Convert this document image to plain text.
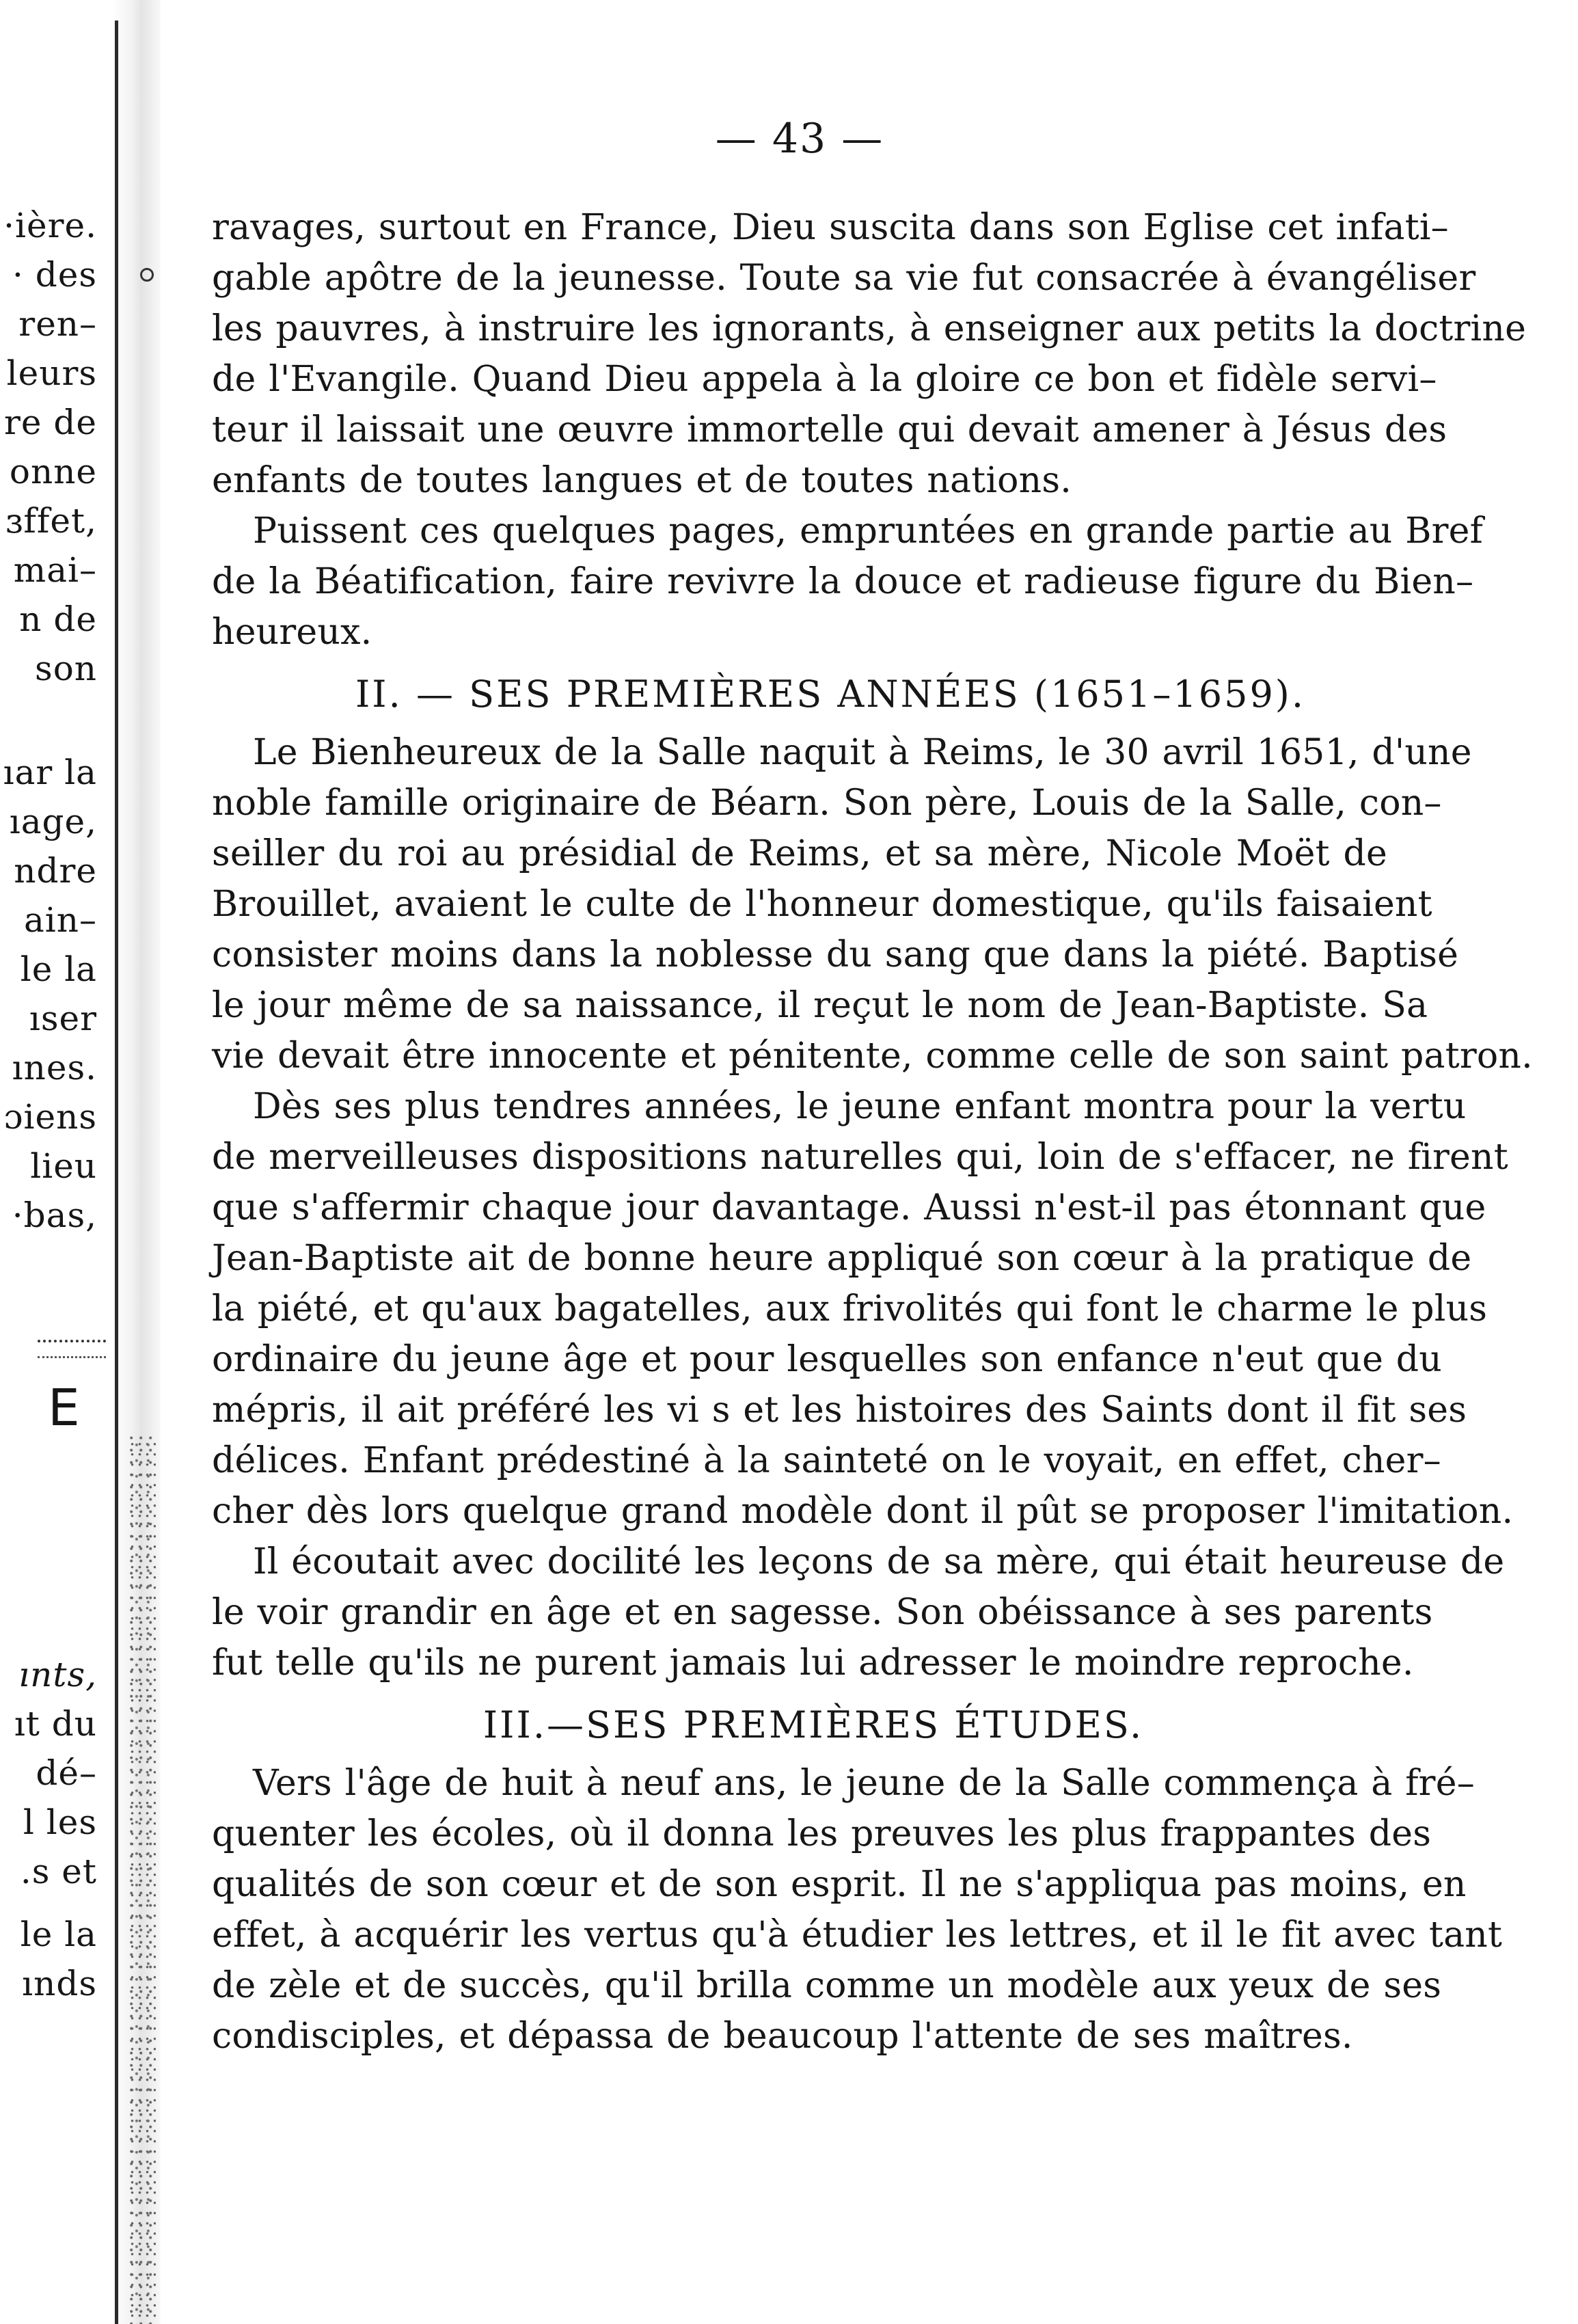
·ière.
· des
ren–
leurs
re de
onne
ɜffet,
mai–
n de
son
ıar la
ıage,
ndre
ain–
le la
ıser
ınes.
ɔiens
lieu
·bas,
E
ınts,
ıt du
dé–
l les
.s et
le la
ınds
— 43 —
ravages, surtout en France, Dieu suscita dans son Eglise cet infati–
gable apôtre de la jeunesse. Toute sa vie fut consacrée à évangéliser
les pauvres, à instruire les ignorants, à enseigner aux petits la doctrine
de l'Evangile. Quand Dieu appela à la gloire ce bon et fidèle servi–
teur il laissait une œuvre immortelle qui devait amener à Jésus des
enfants de toutes langues et de toutes nations.
Puissent ces quelques pages, empruntées en grande partie au Bref
de la Béatification, faire revivre la douce et radieuse figure du Bien–
heureux.
II. — SES PREMIÈRES ANNÉES (1651–1659).
Le Bienheureux de la Salle naquit à Reims, le 30 avril 1651, d'une
noble famille originaire de Béarn. Son père, Louis de la Salle, con–
seiller du roi au présidial de Reims, et sa mère, Nicole Moët de
Brouillet, avaient le culte de l'honneur domestique, qu'ils faisaient
consister moins dans la noblesse du sang que dans la piété. Baptisé
le jour même de sa naissance, il reçut le nom de Jean-Baptiste. Sa
vie devait être innocente et pénitente, comme celle de son saint patron.
Dès ses plus tendres années, le jeune enfant montra pour la vertu
de merveilleuses dispositions naturelles qui, loin de s'effacer, ne firent
que s'affermir chaque jour davantage. Aussi n'est-il pas étonnant que
Jean-Baptiste ait de bonne heure appliqué son cœur à la pratique de
la piété, et qu'aux bagatelles, aux frivolités qui font le charme le plus
ordinaire du jeune âge et pour lesquelles son enfance n'eut que du
mépris, il ait préféré les vi s et les histoires des Saints dont il fit ses
délices. Enfant prédestiné à la sainteté on le voyait, en effet, cher–
cher dès lors quelque grand modèle dont il pût se proposer l'imitation.
Il écoutait avec docilité les leçons de sa mère, qui était heureuse de
le voir grandir en âge et en sagesse. Son obéissance à ses parents
fut telle qu'ils ne purent jamais lui adresser le moindre reproche.
III.—SES PREMIÈRES ÉTUDES.
Vers l'âge de huit à neuf ans, le jeune de la Salle commença à fré–
quenter les écoles, où il donna les preuves les plus frappantes des
qualités de son cœur et de son esprit. Il ne s'appliqua pas moins, en
effet, à acquérir les vertus qu'à étudier les lettres, et il le fit avec tant
de zèle et de succès, qu'il brilla comme un modèle aux yeux de ses
condisciples, et dépassa de beaucoup l'attente de ses maîtres.
